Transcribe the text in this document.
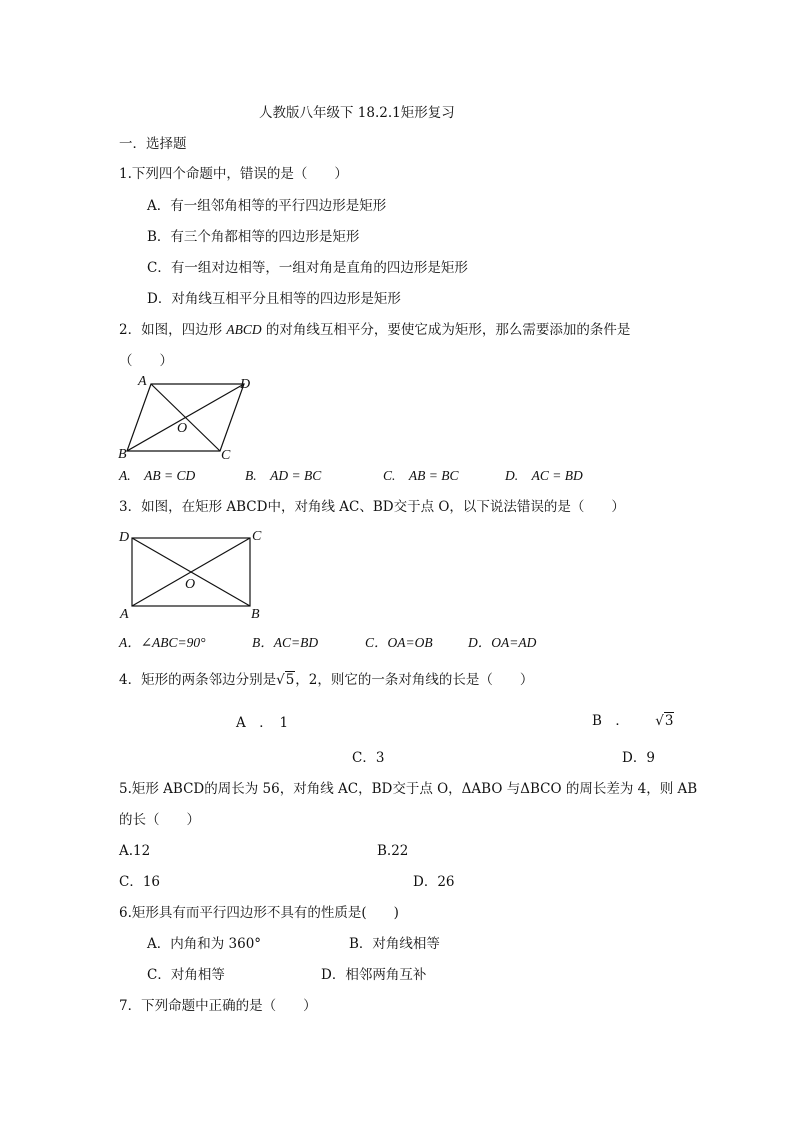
人教版八年级下 18.2.1矩形复习
一．选择题
1.下列四个命题中，错误的是（　　）
A．有一组邻角相等的平行四边形是矩形
B．有三个角都相等的四边形是矩形
C．有一组对边相等，一组对角是直角的四边形是矩形
D．对角线互相平分且相等的四边形是矩形
2．如图，四边形 ABCD 的对角线互相平分，要使它成为矩形，那么需要添加的条件是
（　　）
A	D
B	C
O
A.　AB = CD	B.　AD = BC	C.　AB = BC	D.　AC = BD
3．如图，在矩形 ABCD中，对角线 AC、BD交于点 O，以下说法错误的是（　　）
D	C
A	B
O
A．∠ABC=90°	B．AC=BD	C．OA=OB	D．OA=AD
4．矩形的两条邻边分别是√5，2，则它的一条对角线的长是（　　）
A　．　1	B　． √3
C．3	D．9
5.矩形 ABCD的周长为 56，对角线 AC，BD交于点 O，ΔABO 与ΔBCO 的周长差为 4，则 AB
的长（　　）
A.12	B.22
C．16	D．26
6.矩形具有而平行四边形不具有的性质是(　　)
A．内角和为 360°	B．对角线相等
C．对角相等	D．相邻两角互补
7．下列命题中正确的是（　　）
